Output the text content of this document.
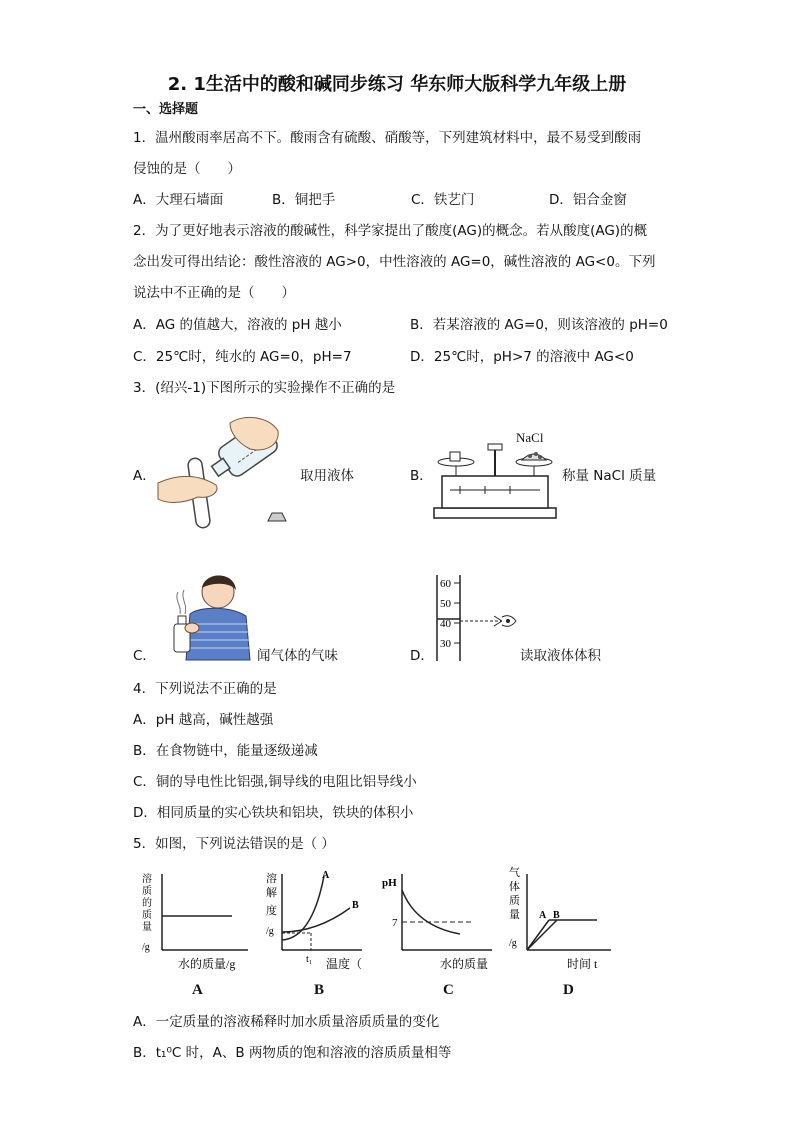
2. 1生活中的酸和碱同步练习 华东师大版科学九年级上册
一、选择题
1．温州酸雨率居高不下。酸雨含有硫酸、硝酸等，下列建筑材料中，最不易受到酸雨
侵蚀的是（　　）
A．大理石墙面	B．铜把手	C．铁艺门	D．铝合金窗
2．为了更好地表示溶液的酸碱性，科学家提出了酸度(AG)的概念。若从酸度(AG)的概
念出发可得出结论：酸性溶液的 AG>0，中性溶液的 AG=0，碱性溶液的 AG<0。下列
说法中不正确的是（　　）
A．AG 的值越大，溶液的 pH 越小	B．若某溶液的 AG=0，则该溶液的 pH=0
C．25℃时，纯水的 AG=0，pH=7	D．25℃时，pH>7 的溶液中 AG<0
3．(绍兴-1)下图所示的实验操作不正确的是
A．	取用液体	B．
NaCl
称量 NaCl 质量
C．	闻气体的气味	D．
60
50
40
30
读取液体体积
4．下列说法不正确的是
A．pH 越高，碱性越强
B．在食物链中，能量逐级递减
C．铜的导电性比铝强,铜导线的电阻比铝导线小
D．相同质量的实心铁块和铝块，铁块的体积小
5．如图，下列说法错误的是（ ）
溶
质
的
质
量
/g
水的质量/g
A
溶
解
度
/g
A
B
t₁ 温度（
B
pH
7
水的质量
C
气
体
质
量
/g
A B
时间 t
D
A．一定质量的溶液稀释时加水质量溶质质量的变化
B．t₁⁰C 时，A、B 两物质的饱和溶液的溶质质量相等
